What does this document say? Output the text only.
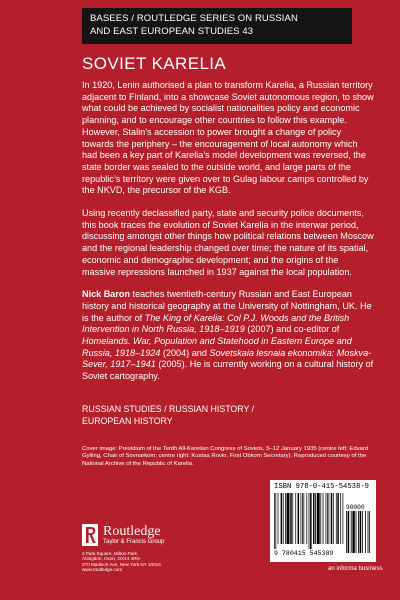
BASEES / ROUTLEDGE SERIES ON RUSSIAN
AND EAST EUROPEAN STUDIES 43
SOVIET KARELIA

In 1920, Lenin authorised a plan to transform Karelia, a Russian territory adjacent to Finland, into a showcase Soviet autonomous region, to show what could be achieved by socialist nationalities policy and economic planning, and to encourage other countries to follow this example. However, Stalin’s accession to power brought a change of policy towards the periphery – the encouragement of local autonomy which had been a key part of Karelia’s model development was reversed, the state border was sealed to the outside world, and large parts of the republic’s territory were given over to Gulag labour camps controlled by the NKVD, the precursor of the KGB.

Using recently declassified party, state and security police documents, this book traces the evolution of Soviet Karelia in the interwar period, discussing amongst other things how political relations between Moscow and the regional leadership changed over time; the nature of its spatial, economic and demographic development; and the origins of the massive repressions launched in 1937 against the local population.

Nick Baron teaches twentieth-century Russian and East European history and historical geography at the University of Nottingham, UK. He is the author of The King of Karelia: Col P.J. Woods and the British Intervention in North Russia, 1918–1919 (2007) and co-editor of Homelands. War, Population and Statehood in Eastern Europe and Russia, 1918–1924 (2004) and Sovetskaia lesnaia ekonomika: Moskva-Sever, 1917–1941 (2005). He is currently working on a cultural history of Soviet cartography.

RUSSIAN STUDIES / RUSSIAN HISTORY /
EUROPEAN HISTORY
Cover image: Presidium of the Tenth All-Karelian Congress of Soviets, 5–12 January 1935 (centre left: Edvard Gylling, Chair of Sovnarkom; centre right: Kustaa Rovio, First Obkom Secretary). Reproduced courtesy of the National Archive of the Republic of Karelia.
ISBN 978-0-415-54538-9
9 780415 545389
90000
Routledge
Taylor & Francis Group
2 Park Square, Milton Park,
Abingdon, Oxon, OX14 4RN
270 Madison Ave, New York NY 10016
www.routledge.com	an informa business
